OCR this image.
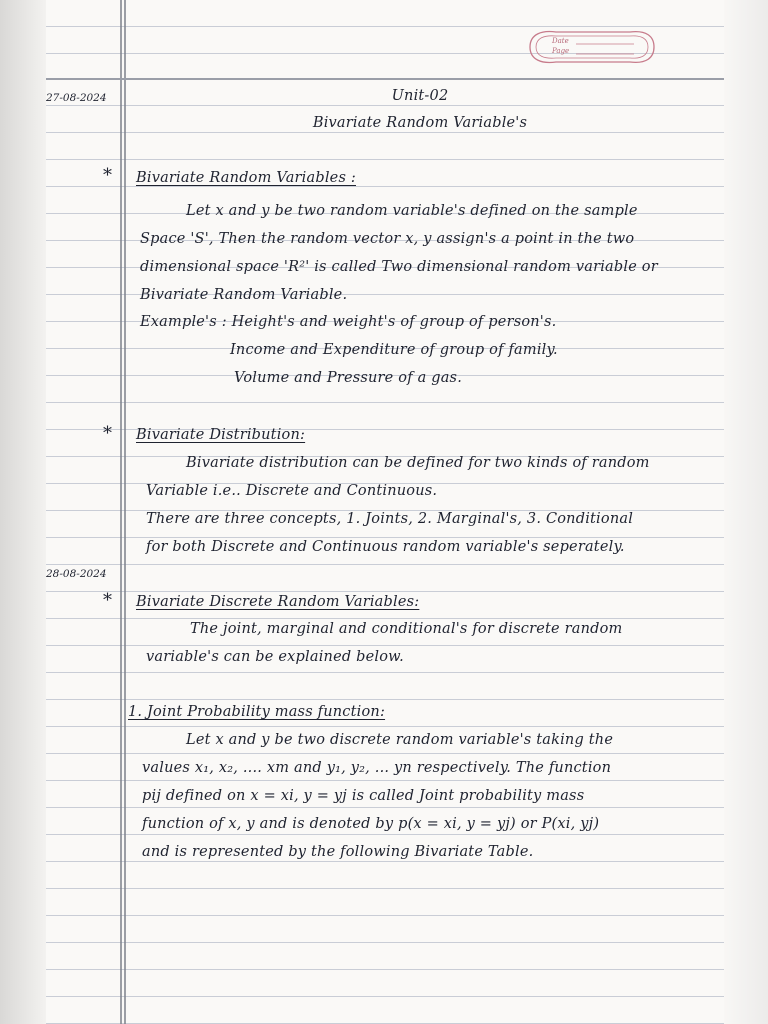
Date
Page
27-08-2024	Unit-02
Bivariate Random Variable's
* Bivariate Random Variables :
Let x and y be two random variable's defined on the sample
Space 'S', Then the random vector x, y assign's a point in the two
dimensional space 'R²' is called Two dimensional random variable or
Bivariate Random Variable.
Example's : Height's and weight's of group of person's.
Income and Expenditure of group of family.
Volume and Pressure of a gas.
* Bivariate Distribution:
Bivariate distribution can be defined for two kinds of random
Variable i.e.. Discrete and Continuous.
There are three concepts, 1. Joints, 2. Marginal's, 3. Conditional
for both Discrete and Continuous random variable's seperately.
28-08-2024
* Bivariate Discrete Random Variables:
The joint, marginal and conditional's for discrete random
variable's can be explained below.
1. Joint Probability mass function:
Let x and y be two discrete random variable's taking the
values x₁, x₂, .... xm and y₁, y₂, ... yn respectively. The function
pij defined on x = xi, y = yj is called Joint probability mass
function of x, y and is denoted by p(x = xi, y = yj) or P(xi, yj)
and is represented by the following Bivariate Table.
